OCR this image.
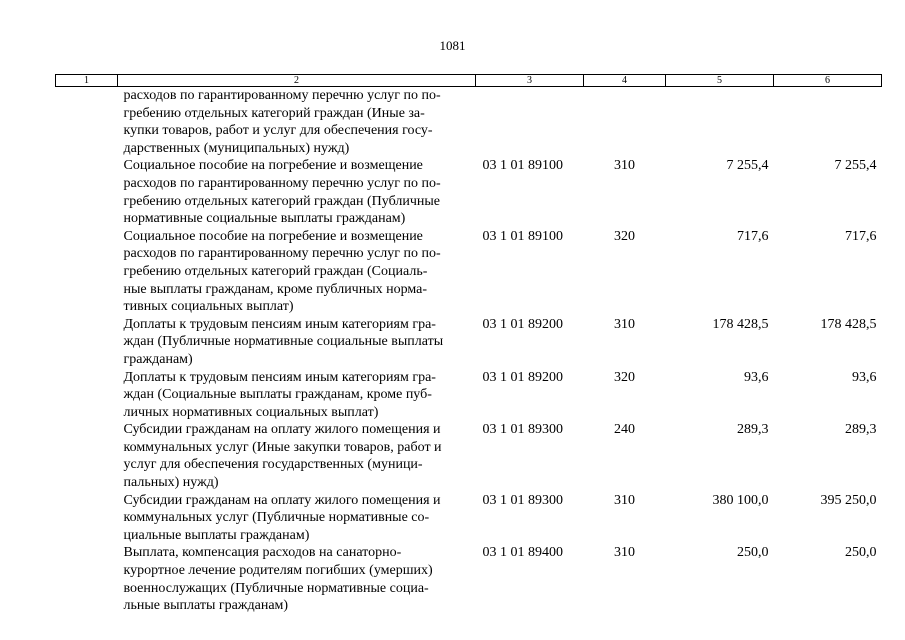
1081
1	2	3	4	5	6
	расходов по гарантированному перечню услуг по по-
гребению отдельных категорий граждан (Иные за-
купки товаров, работ и услуг для обеспечения госу-
дарственных (муниципальных) нужд)				
	Социальное пособие на погребение и возмещение
расходов по гарантированному перечню услуг по по-
гребению отдельных категорий граждан (Публичные
нормативные социальные выплаты гражданам)	03 1 01 89100	310	7 255,4	7 255,4
	Социальное пособие на погребение и возмещение
расходов по гарантированному перечню услуг по по-
гребению отдельных категорий граждан (Социаль-
ные выплаты гражданам, кроме публичных норма-
тивных социальных выплат)	03 1 01 89100	320	717,6	717,6
	Доплаты к трудовым пенсиям иным категориям гра-
ждан (Публичные нормативные социальные выплаты
гражданам)	03 1 01 89200	310	178 428,5	178 428,5
	Доплаты к трудовым пенсиям иным категориям гра-
ждан (Социальные выплаты гражданам, кроме пуб-
личных нормативных социальных выплат)	03 1 01 89200	320	93,6	93,6
	Субсидии гражданам на оплату жилого помещения и
коммунальных услуг (Иные закупки товаров, работ и
услуг для обеспечения государственных (муници-
пальных) нужд)	03 1 01 89300	240	289,3	289,3
	Субсидии гражданам на оплату жилого помещения и
коммунальных услуг (Публичные нормативные со-
циальные выплаты гражданам)	03 1 01 89300	310	380 100,0	395 250,0
	Выплата, компенсация расходов на санаторно-
курортное лечение родителям погибших (умерших)
военнослужащих (Публичные нормативные социа-
льные выплаты гражданам)	03 1 01 89400	310	250,0	250,0
